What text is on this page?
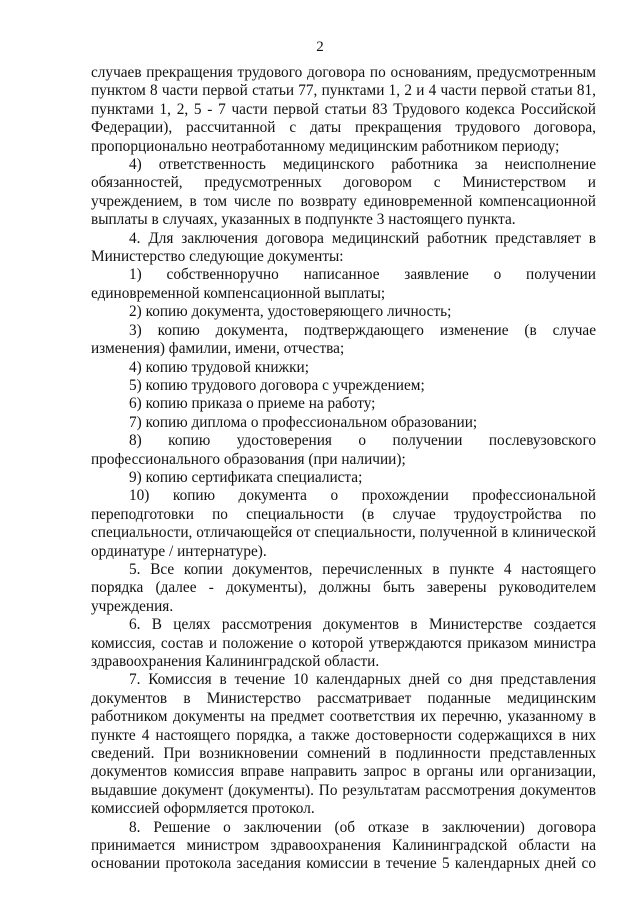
2

случаев прекращения трудового договора по основаниям, предусмотренным пунктом 8 части первой статьи 77, пунктами 1, 2 и 4 части первой статьи 81, пунктами 1, 2, 5 - 7 части первой статьи 83 Трудового кодекса Российской Федерации), рассчитанной с даты прекращения трудового договора, пропорционально неотработанному медицинским работником периоду;

4) ответственность медицинского работника за неисполнение обязанностей, предусмотренных договором с Министерством и учреждением, в том числе по возврату единовременной компенсационной выплаты в случаях, указанных в подпункте 3 настоящего пункта.

4. Для заключения договора медицинский работник представляет в Министерство следующие документы:

1) собственноручно написанное заявление о получении единовременной компенсационной выплаты;

2) копию документа, удостоверяющего личность;

3) копию документа, подтверждающего изменение (в случае изменения) фамилии, имени, отчества;

4) копию трудовой книжки;

5) копию трудового договора с учреждением;

6) копию приказа о приеме на работу;

7) копию диплома о профессиональном образовании;

8) копию удостоверения о получении послевузовского профессионального образования (при наличии);

9) копию сертификата специалиста;

10) копию документа о прохождении профессиональной переподготовки по специальности (в случае трудоустройства по специальности, отличающейся от специальности, полученной в клинической ординатуре / интернатуре).

5. Все копии документов, перечисленных в пункте 4 настоящего порядка (далее - документы), должны быть заверены руководителем учреждения.

6. В целях рассмотрения документов в Министерстве создается комиссия, состав и положение о которой утверждаются приказом министра здравоохранения Калининградской области.

7. Комиссия в течение 10 календарных дней со дня представления документов в Министерство рассматривает поданные медицинским работником документы на предмет соответствия их перечню, указанному в пункте 4 настоящего порядка, а также достоверности содержащихся в них сведений. При возникновении сомнений в подлинности представленных документов комиссия вправе направить запрос в органы или организации, выдавшие документ (документы). По результатам рассмотрения документов комиссией оформляется протокол.

8. Решение о заключении (об отказе в заключении) договора принимается министром здравоохранения Калининградской области на основании протокола заседания комиссии в течение 5 календарных дней со
